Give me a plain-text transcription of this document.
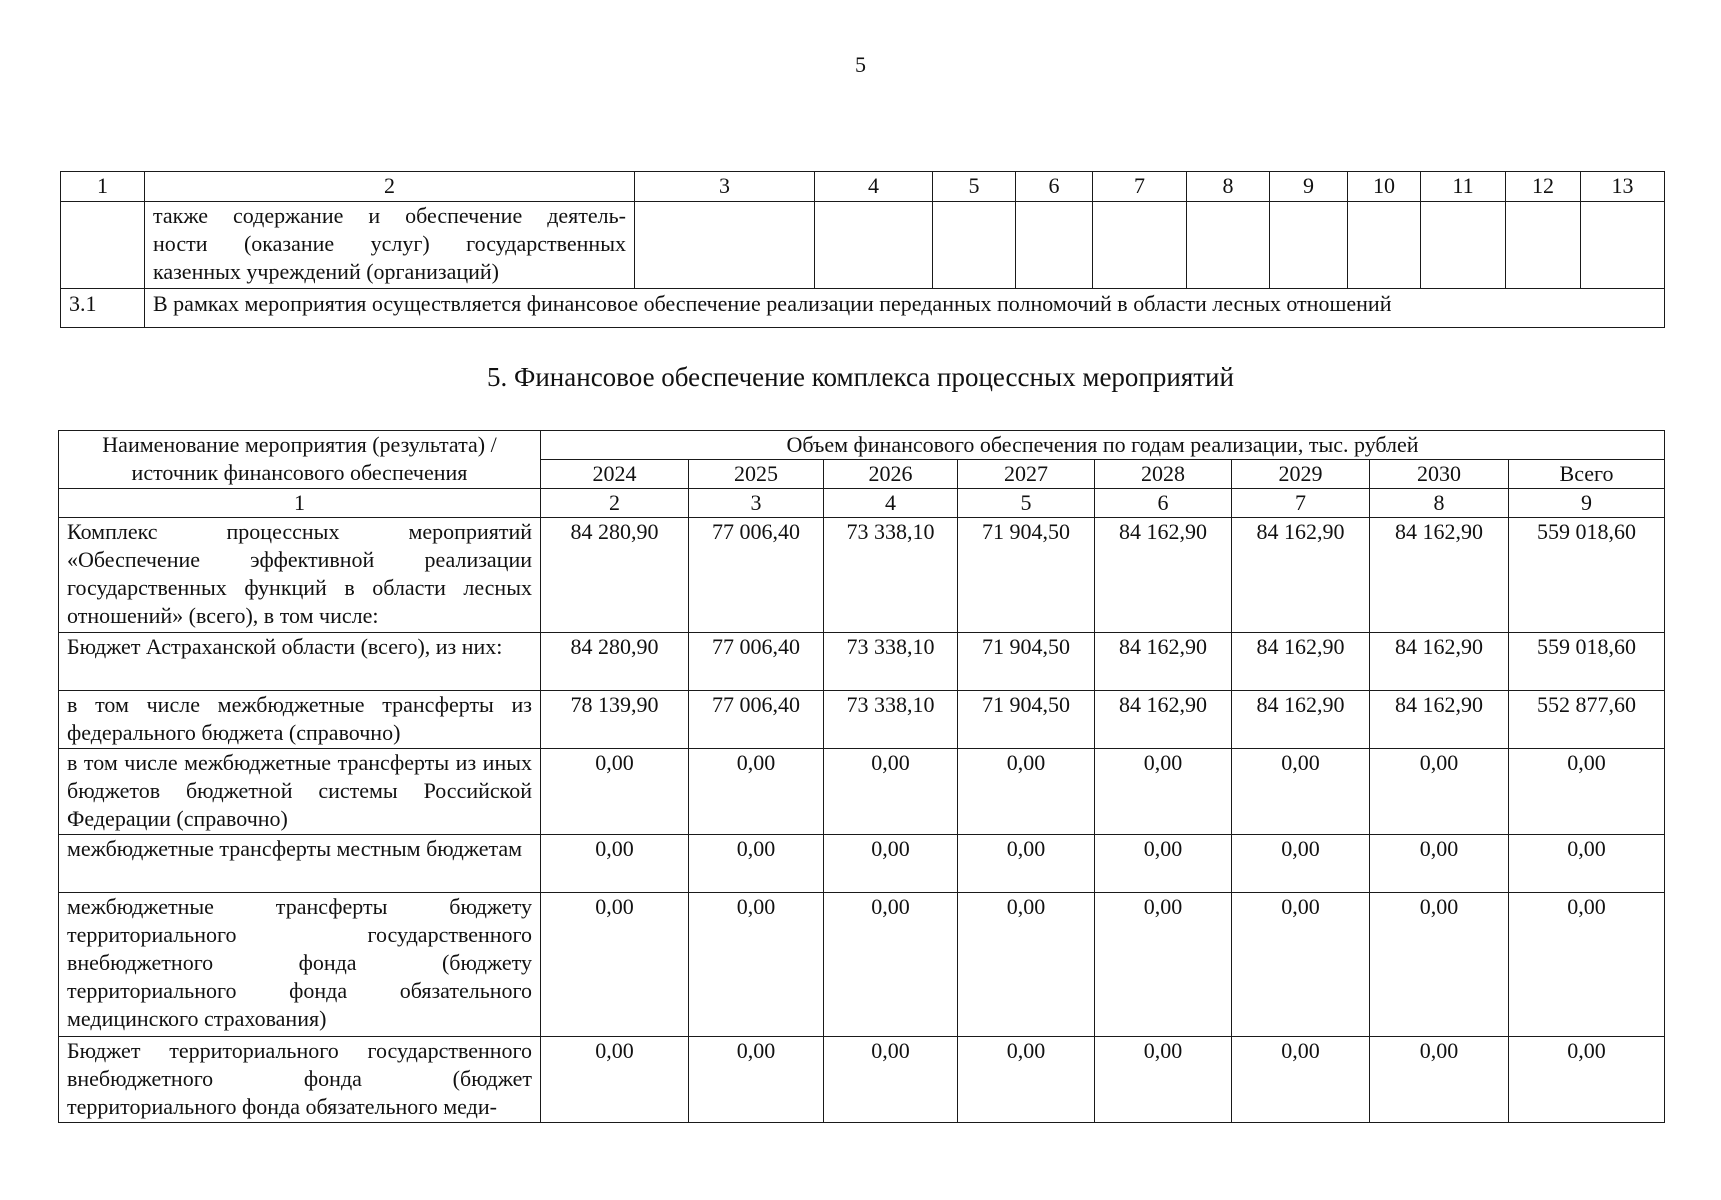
5
1	2	3	4	5	6	7	8	9	10	11	12	13

	также содержание и обеспечение деятель-
ности (оказание услуг) государственных
казенных учреждений (организаций)											

3.1	В рамках мероприятия осуществляется финансовое обеспечение реализации переданных полномочий в области лесных отношений											
5. Финансовое обеспечение комплекса процессных мероприятий
Наименование мероприятия (результата) / источник финансового обеспечения	Объем финансового обеспечения по годам реализации, тыс. рублей							
	2024	2025	2026	2027	2028	2029	2030	Всего
1	2	3	4	5	6	7	8	9
Комплекс процессных мероприятий «Обеспечение эффективной реализации государственных функций в области лесных отношений» (всего), в том числе:	84 280,90	77 006,40	73 338,10	71 904,50	84 162,90	84 162,90	84 162,90	559 018,60
Бюджет Астраханской области (всего), из них:	84 280,90	77 006,40	73 338,10	71 904,50	84 162,90	84 162,90	84 162,90	559 018,60
в том числе межбюджетные трансферты из федерального бюджета (справочно)	78 139,90	77 006,40	73 338,10	71 904,50	84 162,90	84 162,90	84 162,90	552 877,60
в том числе межбюджетные трансферты из иных бюджетов бюджетной системы Российской Федерации (справочно)	0,00	0,00	0,00	0,00	0,00	0,00	0,00	0,00
межбюджетные трансферты местным бюджетам	0,00	0,00	0,00	0,00	0,00	0,00	0,00	0,00
межбюджетные трансферты бюджету территориального государственного внебюджетного фонда (бюджету территориального фонда обязательного медицинского страхования)	0,00	0,00	0,00	0,00	0,00	0,00	0,00	0,00
Бюджет территориального государственного внебюджетного фонда (бюджет территориального фонда обязательного меди-	0,00	0,00	0,00	0,00	0,00	0,00	0,00	0,00
